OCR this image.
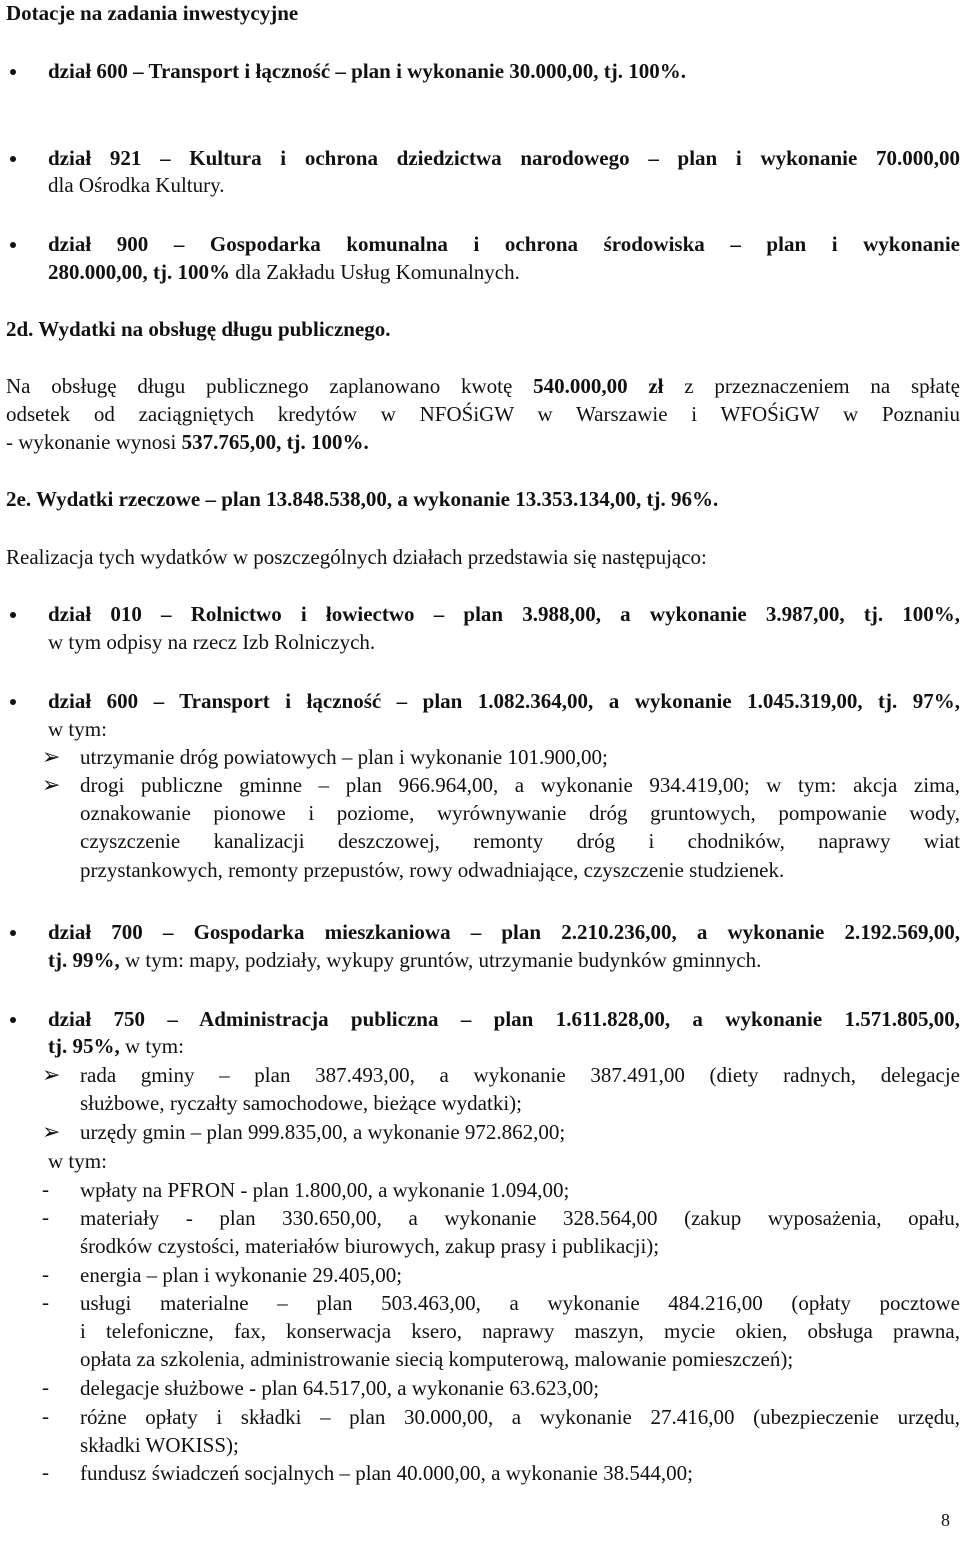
Dotacje na zadania inwestycyjne

dział 600 – Transport i łączność – plan i wykonanie 30.000,00, tj. 100%.

dział 921 – Kultura i ochrona dziedzictwa narodowego – plan i wykonanie 70.000,00

dla Ośrodka Kultury.

dział 900 – Gospodarka komunalna i ochrona środowiska – plan i wykonanie

280.000,00, tj. 100% dla Zakładu Usług Komunalnych.

2d. Wydatki na obsługę długu publicznego.

Na obsługę długu publicznego zaplanowano kwotę 540.000,00 zł z przeznaczeniem na spłatę

odsetek od zaciągniętych kredytów w NFOŚiGW w Warszawie i WFOŚiGW w Poznaniu

- wykonanie wynosi 537.765,00, tj. 100%.

2e. Wydatki rzeczowe – plan 13.848.538,00, a wykonanie 13.353.134,00, tj. 96%.

Realizacja tych wydatków w poszczególnych działach przedstawia się następująco:

dział 010 – Rolnictwo i łowiectwo – plan 3.988,00, a wykonanie 3.987,00, tj. 100%,

w tym odpisy na rzecz Izb Rolniczych.

dział 600 – Transport i łączność – plan 1.082.364,00, a wykonanie 1.045.319,00, tj. 97%,

w tym:

➢ utrzymanie dróg powiatowych – plan i wykonanie 101.900,00;

➢ drogi publiczne gminne – plan 966.964,00, a wykonanie 934.419,00; w tym: akcja zima,

oznakowanie pionowe i poziome, wyrównywanie dróg gruntowych, pompowanie wody,

czyszczenie kanalizacji deszczowej, remonty dróg i chodników, naprawy wiat

przystankowych, remonty przepustów, rowy odwadniające, czyszczenie studzienek.

dział 700 – Gospodarka mieszkaniowa – plan 2.210.236,00, a wykonanie 2.192.569,00,

tj. 99%, w tym: mapy, podziały, wykupy gruntów, utrzymanie budynków gminnych.

dział 750 – Administracja publiczna – plan 1.611.828,00, a wykonanie 1.571.805,00,

tj. 95%, w tym:

➢ rada gminy – plan 387.493,00, a wykonanie 387.491,00 (diety radnych, delegacje

służbowe, ryczałty samochodowe, bieżące wydatki);

➢ urzędy gmin – plan 999.835,00, a wykonanie 972.862,00;

w tym:

- wpłaty na PFRON - plan 1.800,00, a wykonanie 1.094,00;

- materiały - plan 330.650,00, a wykonanie 328.564,00 (zakup wyposażenia, opału,

środków czystości, materiałów biurowych, zakup prasy i publikacji);

- energia – plan i wykonanie 29.405,00;

- usługi materialne – plan 503.463,00, a wykonanie 484.216,00 (opłaty pocztowe

i telefoniczne, fax, konserwacja ksero, naprawy maszyn, mycie okien, obsługa prawna,

opłata za szkolenia, administrowanie siecią komputerową, malowanie pomieszczeń);

- delegacje służbowe - plan 64.517,00, a wykonanie 63.623,00;

- różne opłaty i składki – plan 30.000,00, a wykonanie 27.416,00 (ubezpieczenie urzędu,

składki WOKISS);

- fundusz świadczeń socjalnych – plan 40.000,00, a wykonanie 38.544,00;

8
